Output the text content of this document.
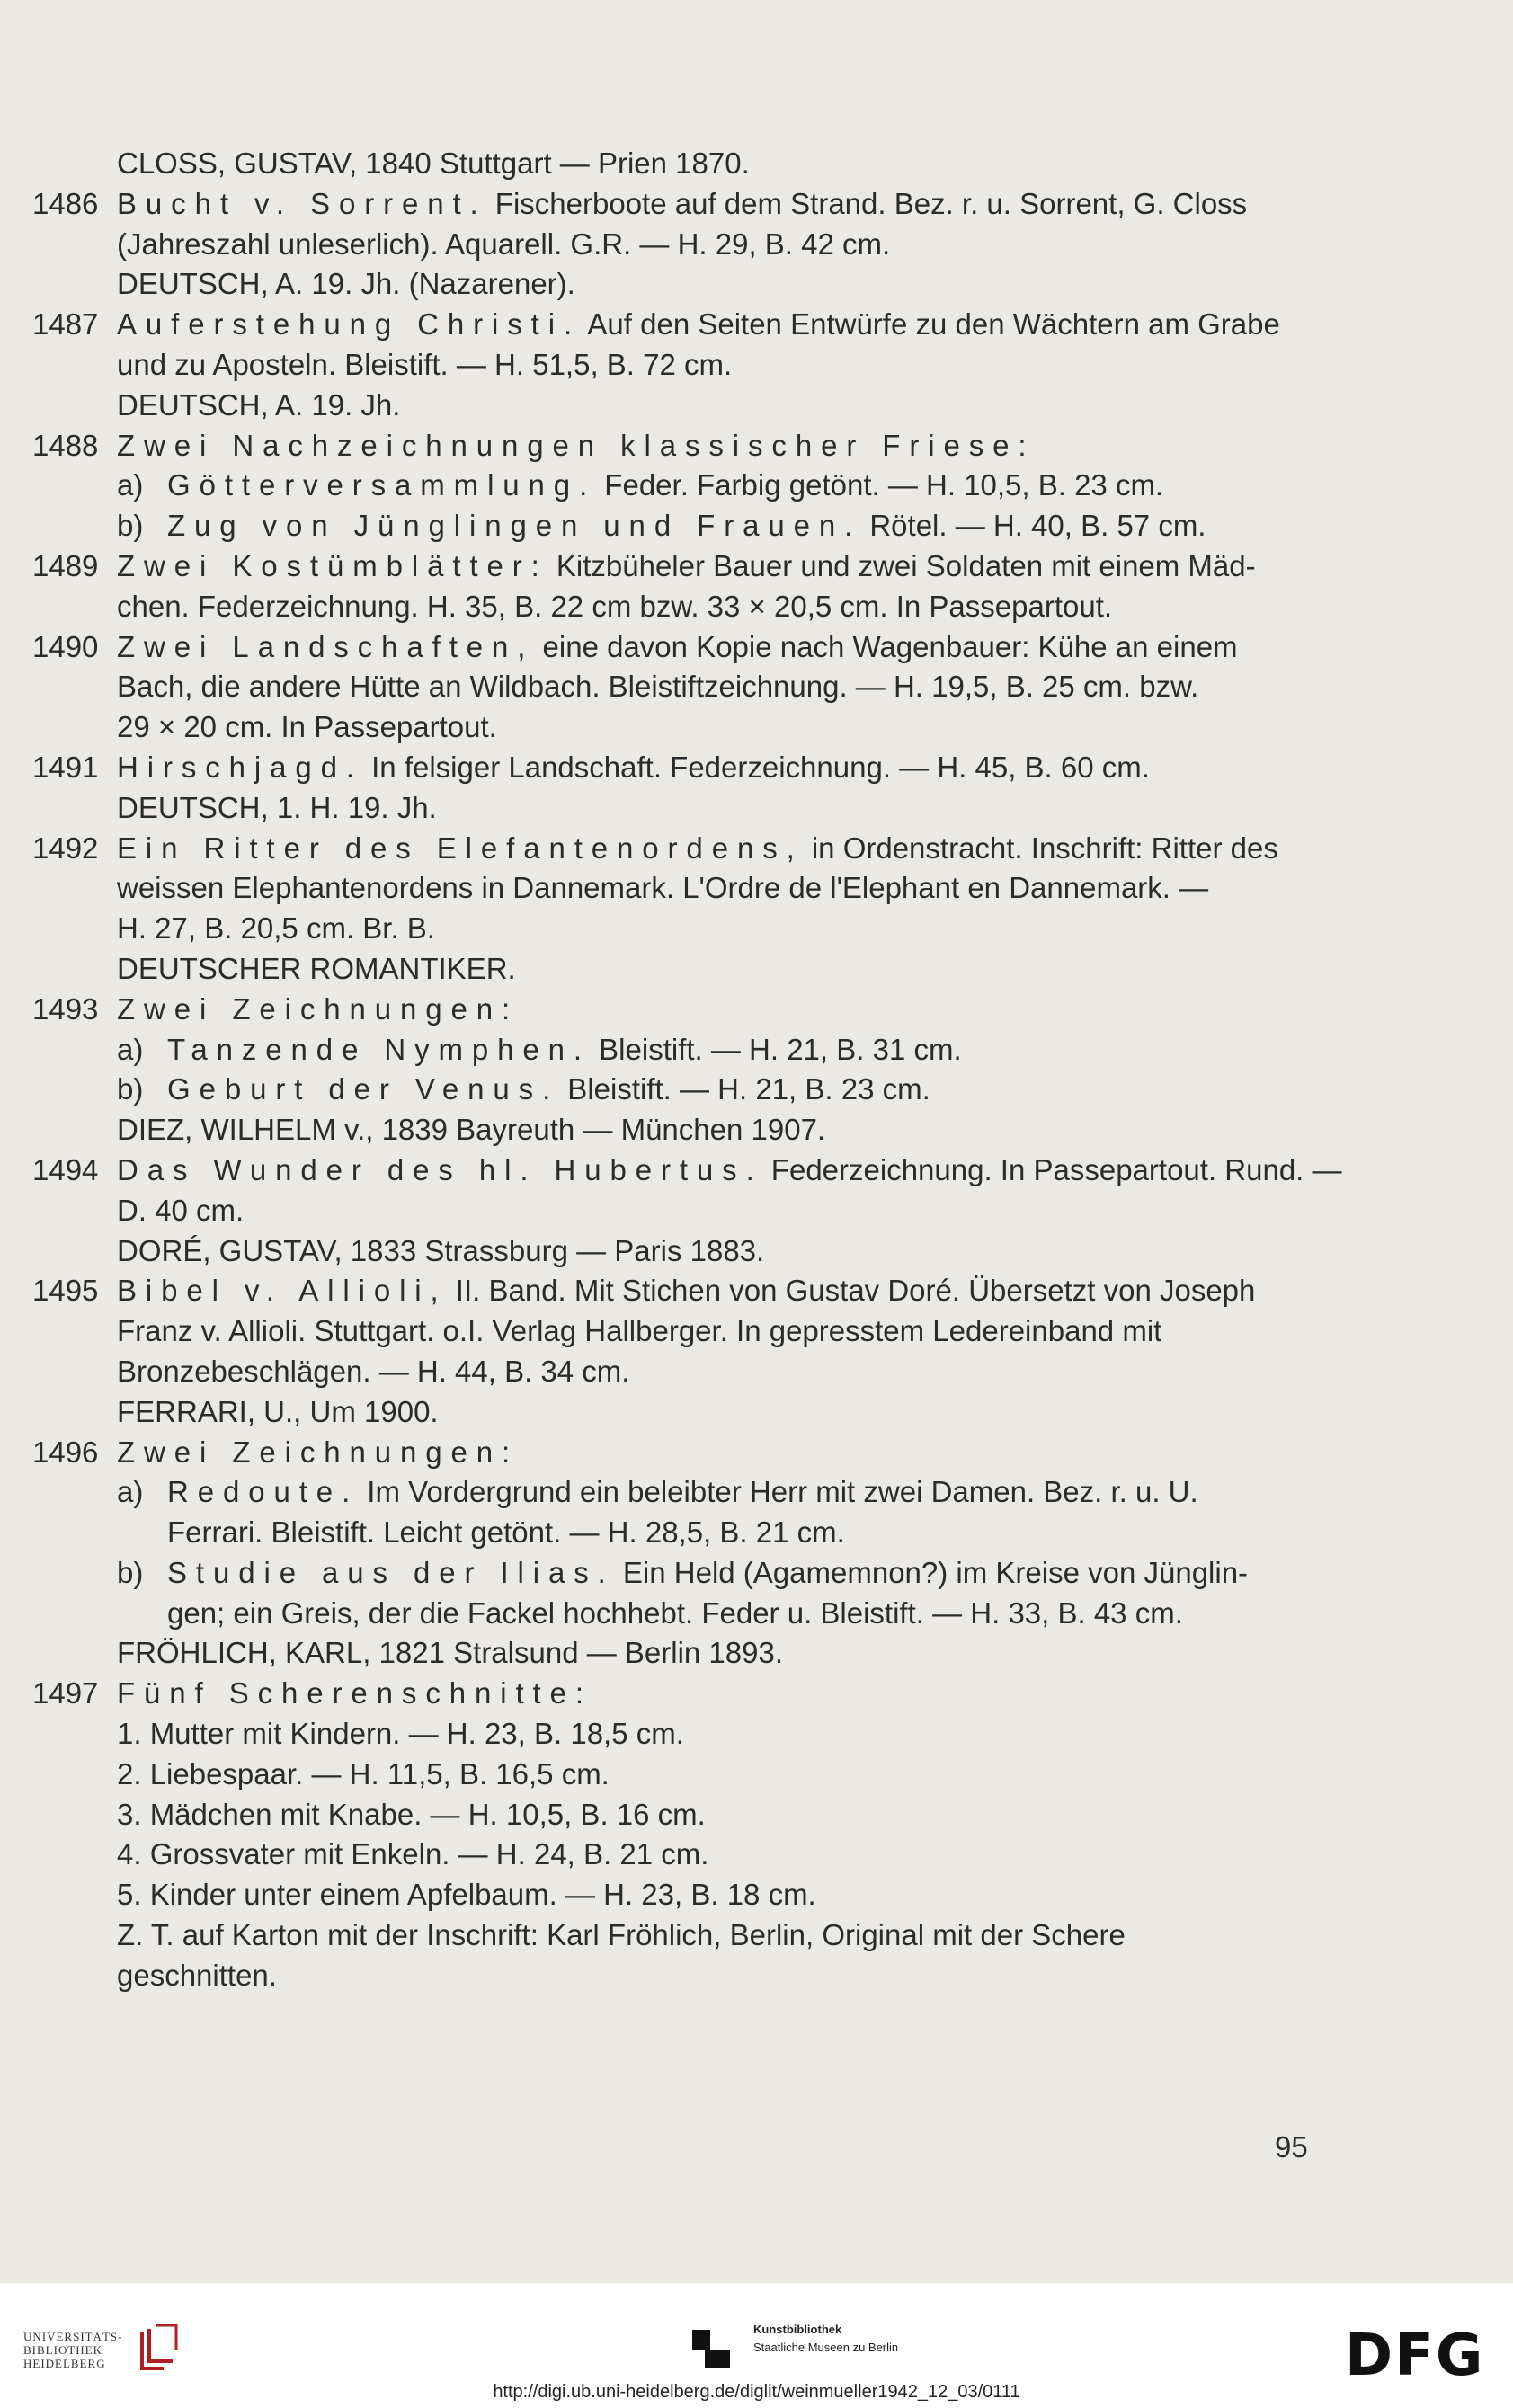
CLOSS, GUSTAV, 1840 Stuttgart — Prien 1870.
1486 Bucht v. Sorrent. Fischerboote auf dem Strand. Bez. r. u. Sorrent, G. Closs
(Jahreszahl unleserlich). Aquarell. G.R. — H. 29, B. 42 cm.
DEUTSCH, A. 19. Jh. (Nazarener).
1487 Auferstehung Christi. Auf den Seiten Entwürfe zu den Wächtern am Grabe
und zu Aposteln. Bleistift. — H. 51,5, B. 72 cm.
DEUTSCH, A. 19. Jh.
1488 Zwei Nachzeichnungen klassischer Friese:
a) Götterversammlung. Feder. Farbig getönt. — H. 10,5, B. 23 cm.
b) Zug von Jünglingen und Frauen. Rötel. — H. 40, B. 57 cm.
1489 Zwei Kostümblätter: Kitzbüheler Bauer und zwei Soldaten mit einem Mäd-
chen. Federzeichnung. H. 35, B. 22 cm bzw. 33 × 20,5 cm. In Passepartout.
1490 Zwei Landschaften, eine davon Kopie nach Wagenbauer: Kühe an einem
Bach, die andere Hütte an Wildbach. Bleistiftzeichnung. — H. 19,5, B. 25 cm. bzw.
29 × 20 cm. In Passepartout.
1491 Hirschjagd. In felsiger Landschaft. Federzeichnung. — H. 45, B. 60 cm.
DEUTSCH, 1. H. 19. Jh.
1492 Ein Ritter des Elefantenordens, in Ordenstracht. Inschrift: Ritter des
weissen Elephantenordens in Dannemark. L'Ordre de l'Elephant en Dannemark. —
H. 27, B. 20,5 cm. Br. B.
DEUTSCHER ROMANTIKER.
1493 Zwei Zeichnungen:
a) Tanzende Nymphen. Bleistift. — H. 21, B. 31 cm.
b) Geburt der Venus. Bleistift. — H. 21, B. 23 cm.
DIEZ, WILHELM v., 1839 Bayreuth — München 1907.
1494 Das Wunder des hl. Hubertus. Federzeichnung. In Passepartout. Rund. —
D. 40 cm.
DORÉ, GUSTAV, 1833 Strassburg — Paris 1883.
1495 Bibel v. Allioli, II. Band. Mit Stichen von Gustav Doré. Übersetzt von Joseph
Franz v. Allioli. Stuttgart. o.I. Verlag Hallberger. In gepresstem Ledereinband mit
Bronzebeschlägen. — H. 44, B. 34 cm.
FERRARI, U., Um 1900.
1496 Zwei Zeichnungen:
a) Redoute. Im Vordergrund ein beleibter Herr mit zwei Damen. Bez. r. u. U.
Ferrari. Bleistift. Leicht getönt. — H. 28,5, B. 21 cm.
b) Studie aus der Ilias. Ein Held (Agamemnon?) im Kreise von Jünglin-
gen; ein Greis, der die Fackel hochhebt. Feder u. Bleistift. — H. 33, B. 43 cm.
FRÖHLICH, KARL, 1821 Stralsund — Berlin 1893.
1497 Fünf Scherenschnitte:
1. Mutter mit Kindern. — H. 23, B. 18,5 cm.
2. Liebespaar. — H. 11,5, B. 16,5 cm.
3. Mädchen mit Knabe. — H. 10,5, B. 16 cm.
4. Grossvater mit Enkeln. — H. 24, B. 21 cm.
5. Kinder unter einem Apfelbaum. — H. 23, B. 18 cm.
Z. T. auf Karton mit der Inschrift: Karl Fröhlich, Berlin, Original mit der Schere
geschnitten.
95
UNIVERSITÄTS-
BIBLIOTHEK
HEIDELBERG
Kunstbibliothek
Staatliche Museen zu Berlin	DFG
http://digi.ub.uni-heidelberg.de/diglit/weinmueller1942_12_03/0111
